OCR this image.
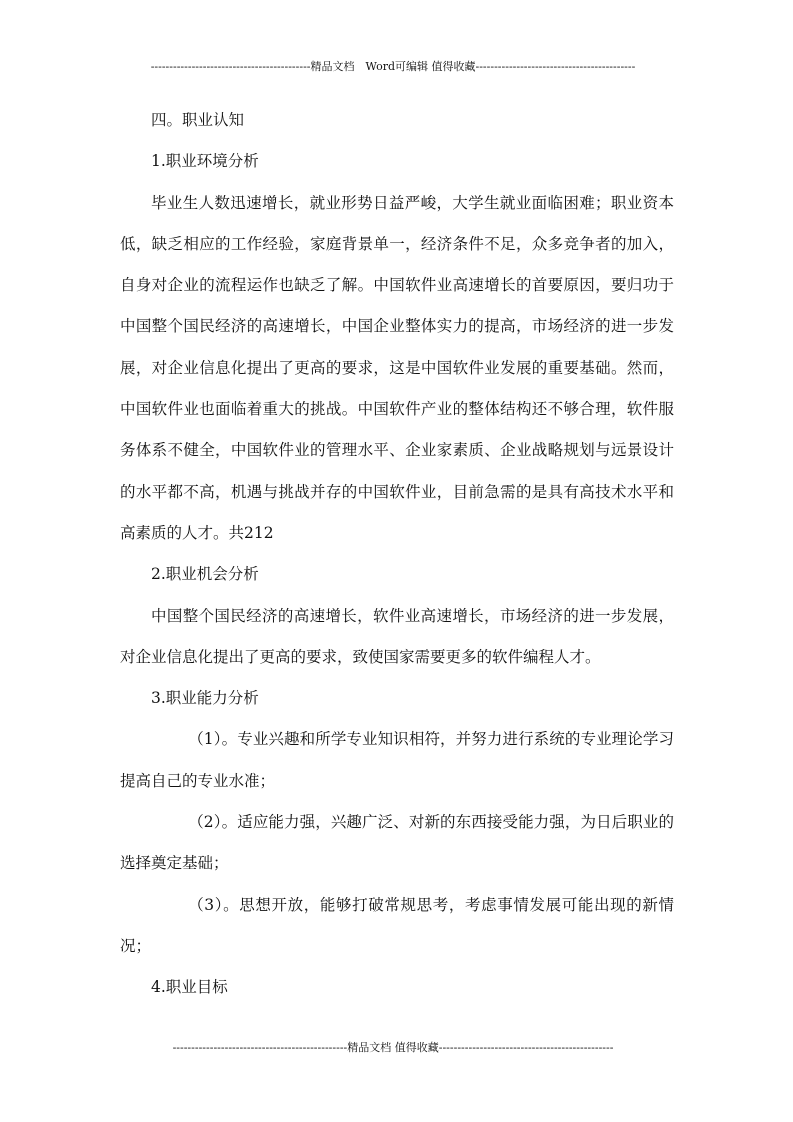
-------------------------------------------精品文档　Word可编辑 值得收藏-------------------------------------------

四。职业认知

1.职业环境分析

毕业生人数迅速增长，就业形势日益严峻，大学生就业面临困难；职业资本低，缺乏相应的工作经验，家庭背景单一，经济条件不足，众多竞争者的加入，自身对企业的流程运作也缺乏了解。中国软件业高速增长的首要原因，要归功于中国整个国民经济的高速增长，中国企业整体实力的提高，市场经济的进一步发展，对企业信息化提出了更高的要求，这是中国软件业发展的重要基础。然而，中国软件业也面临着重大的挑战。中国软件产业的整体结构还不够合理，软件服务体系不健全，中国软件业的管理水平、企业家素质、企业战略规划与远景设计的水平都不高，机遇与挑战并存的中国软件业，目前急需的是具有高技术水平和高素质的人才。共212

2.职业机会分析

中国整个国民经济的高速增长，软件业高速增长，市场经济的进一步发展，对企业信息化提出了更高的要求，致使国家需要更多的软件编程人才。

3.职业能力分析

（1）。专业兴趣和所学专业知识相符，并努力进行系统的专业理论学习提高自己的专业水准；

（2）。适应能力强，兴趣广泛、对新的东西接受能力强，为日后职业的选择奠定基础；

（3）。思想开放，能够打破常规思考，考虑事情发展可能出现的新情况；

4.职业目标

-----------------------------------------------精品文档 值得收藏-----------------------------------------------
